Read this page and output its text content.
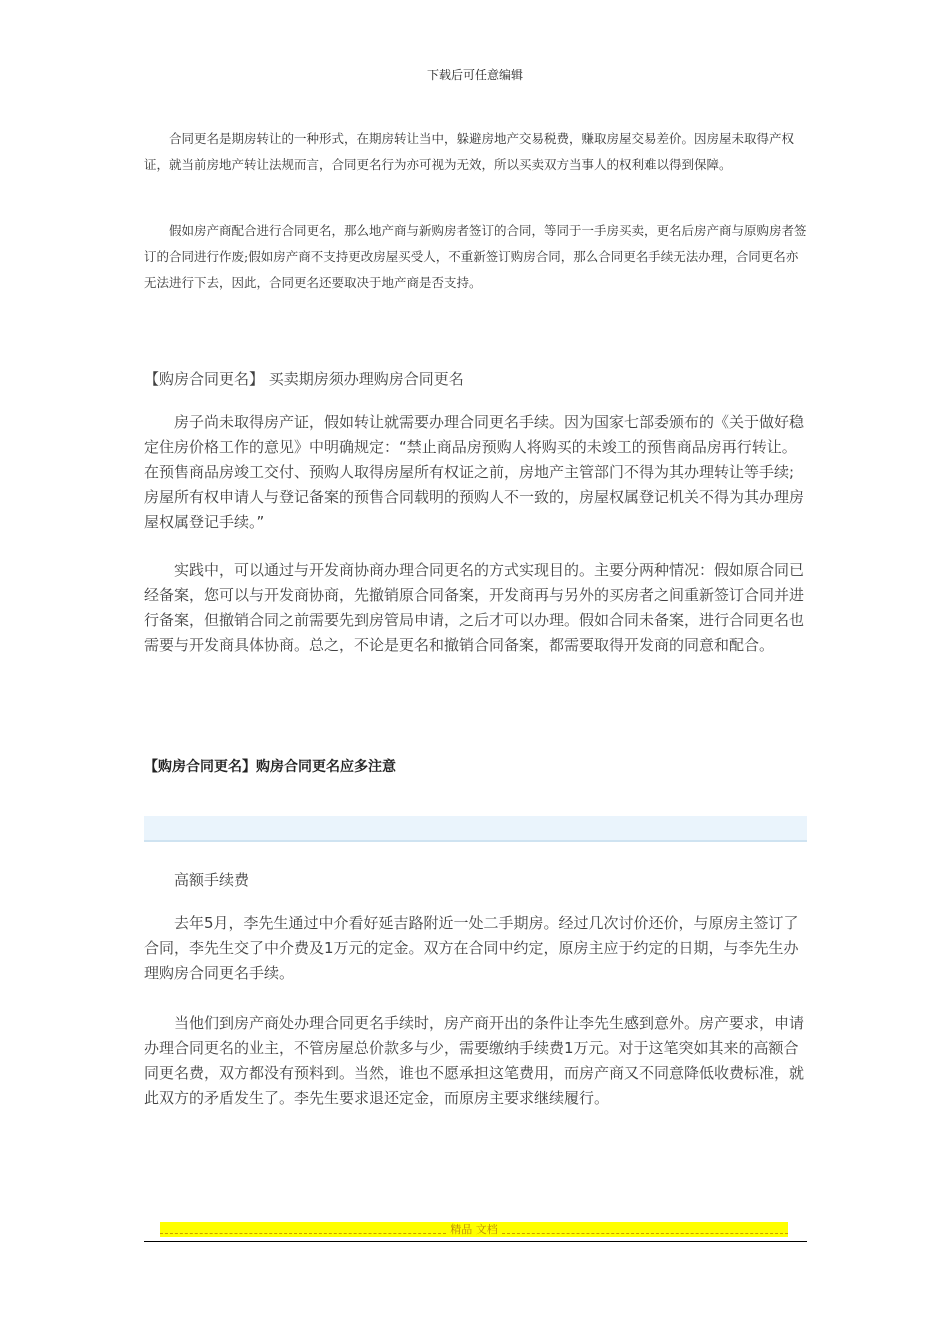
下载后可任意编辑

合同更名是期房转让的一种形式，在期房转让当中，躲避房地产交易税费，赚取房屋交易差价。因房屋未取得产权证，就当前房地产转让法规而言，合同更名行为亦可视为无效，所以买卖双方当事人的权利难以得到保障。

假如房产商配合进行合同更名，那么地产商与新购房者签订的合同，等同于一手房买卖，更名后房产商与原购房者签订的合同进行作废;假如房产商不支持更改房屋买受人，不重新签订购房合同，那么合同更名手续无法办理，合同更名亦无法进行下去，因此，合同更名还要取决于地产商是否支持。

【购房合同更名】 买卖期房须办理购房合同更名

房子尚未取得房产证，假如转让就需要办理合同更名手续。因为国家七部委颁布的《关于做好稳定住房价格工作的意见》中明确规定：“禁止商品房预购人将购买的未竣工的预售商品房再行转让。在预售商品房竣工交付、预购人取得房屋所有权证之前，房地产主管部门不得为其办理转让等手续;房屋所有权申请人与登记备案的预售合同载明的预购人不一致的，房屋权属登记机关不得为其办理房屋权属登记手续。”

实践中，可以通过与开发商协商办理合同更名的方式实现目的。主要分两种情况：假如原合同已经备案，您可以与开发商协商，先撤销原合同备案，开发商再与另外的买房者之间重新签订合同并进行备案，但撤销合同之前需要先到房管局申请，之后才可以办理。假如合同未备案，进行合同更名也需要与开发商具体协商。总之，不论是更名和撤销合同备案，都需要取得开发商的同意和配合。

【购房合同更名】购房合同更名应多注意

高额手续费

去年5月，李先生通过中介看好延吉路附近一处二手期房。经过几次讨价还价，与原房主签订了合同，李先生交了中介费及1万元的定金。双方在合同中约定，原房主应于约定的日期，与李先生办理购房合同更名手续。

当他们到房产商处办理合同更名手续时，房产商开出的条件让李先生感到意外。房产要求，申请办理合同更名的业主，不管房屋总价款多与少，需要缴纳手续费1万元。对于这笔突如其来的高额合同更名费，双方都没有预料到。当然，谁也不愿承担这笔费用，而房产商又不同意降低收费标准，就此双方的矛盾发生了。李先生要求退还定金，而原房主要求继续履行。

精品 文档
